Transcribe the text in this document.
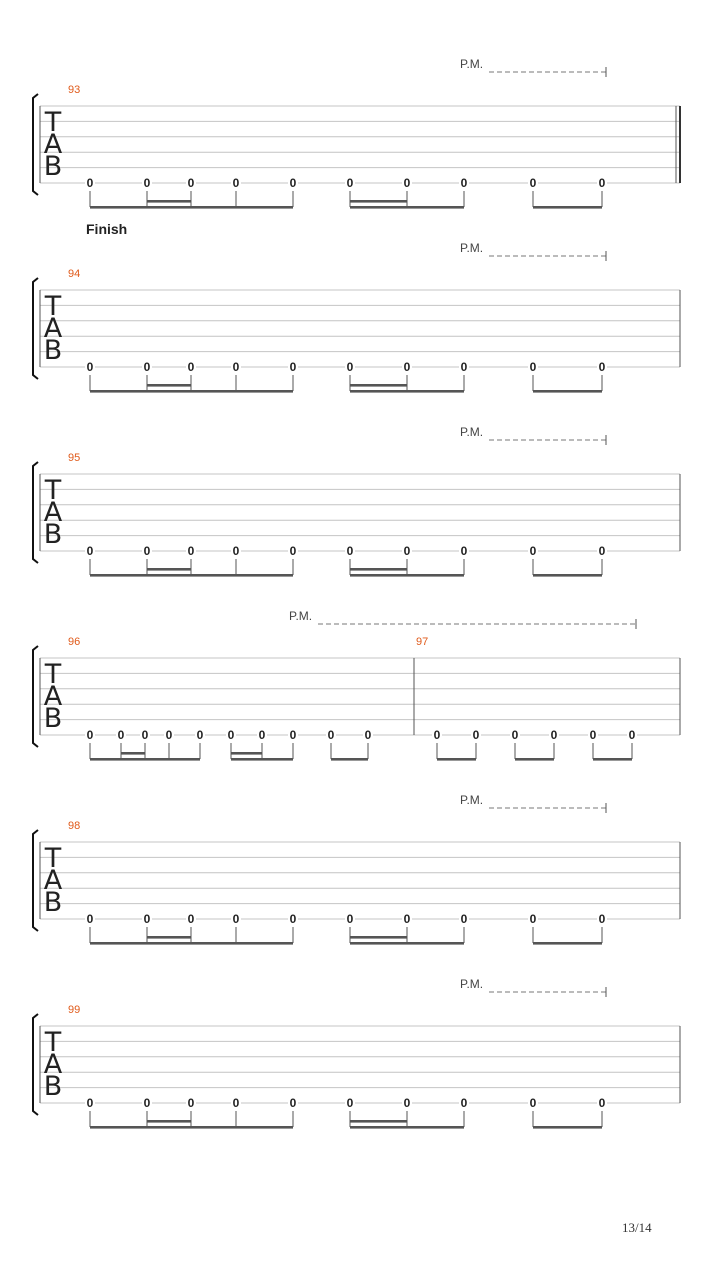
T
A
B
P.M.
93
0	0	0	0	0	0	0	0	0	0
T
A
B
Finish
P.M.
94
0	0	0	0	0	0	0	0	0	0
T
A
B
P.M.
95
0	0	0	0	0	0	0	0	0	0
T
A
B
P.M.
96
0 0 0 0 0 0 0 0	0	0
97
0	0	0	0	0	0
T
A
B
P.M.
98
0	0	0	0	0	0	0	0	0	0
T
A
B
P.M.
99
0	0	0	0	0	0	0	0	0	0
13/14
